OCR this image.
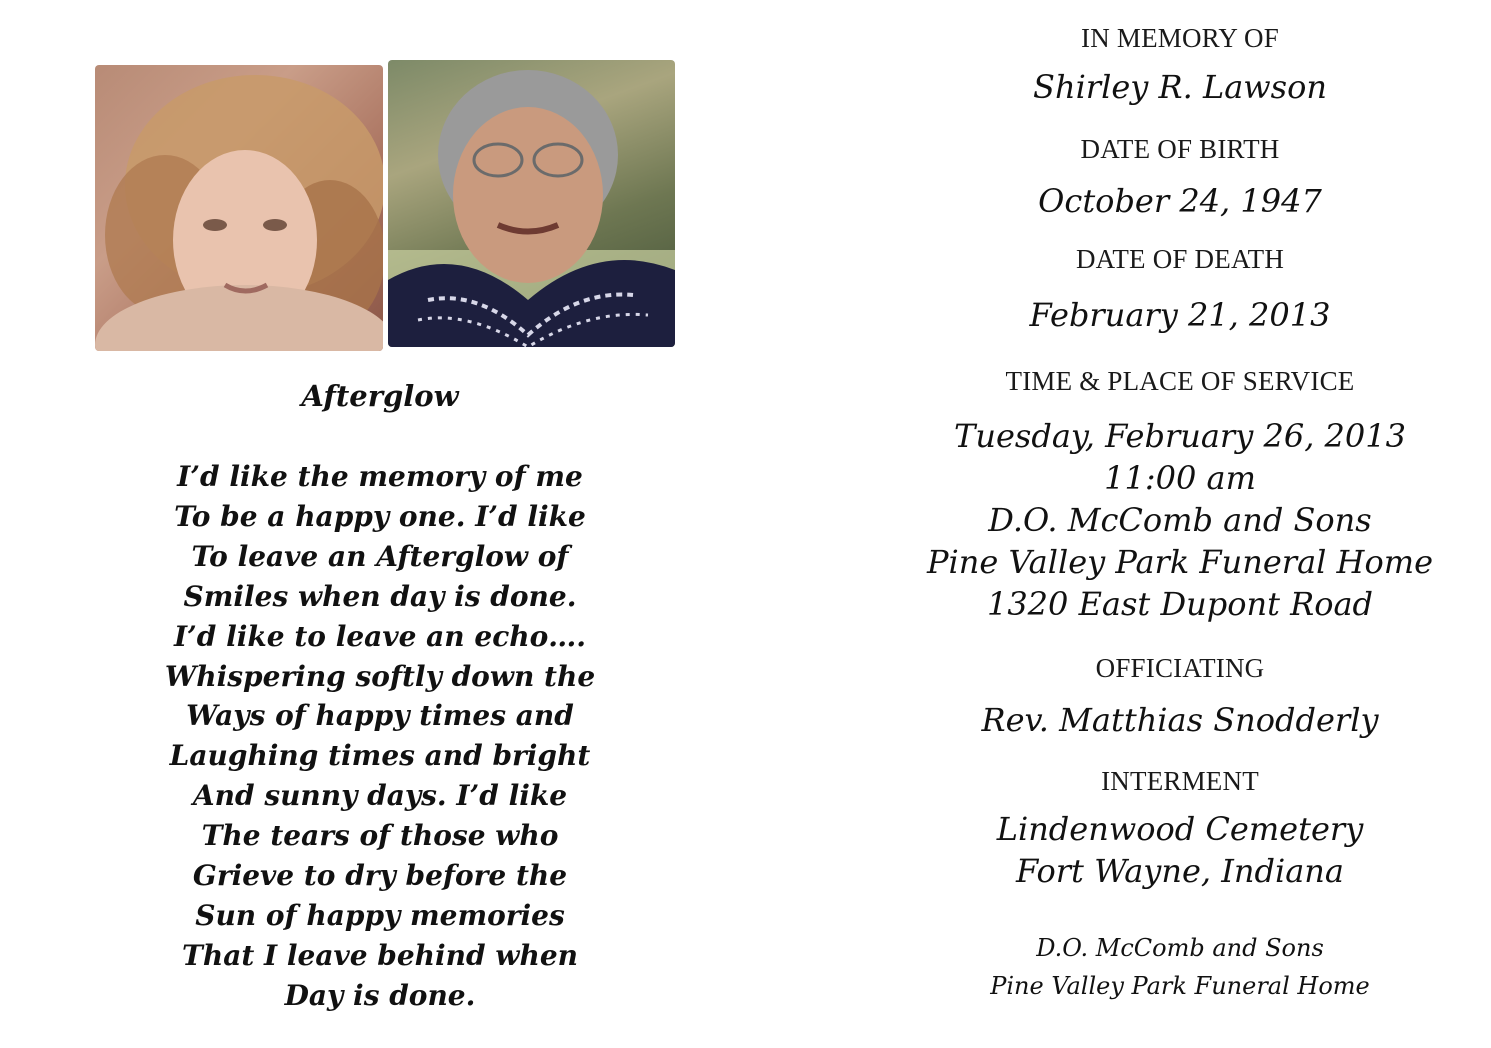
Afterglow
I’d like the memory of me
To be a happy one. I’d like
To leave an Afterglow of
Smiles when day is done.
I’d like to leave an echo….
Whispering softly down the
Ways of happy times and
Laughing times and bright
And sunny days. I’d like
The tears of those who
Grieve to dry before the
Sun of happy memories
That I leave behind when
Day is done.
IN MEMORY OF
Shirley R. Lawson
DATE OF BIRTH
October 24, 1947
DATE OF DEATH
February 21, 2013
TIME & PLACE OF SERVICE
Tuesday, February 26, 2013
11:00 am
D.O. McComb and Sons
Pine Valley Park Funeral Home
1320 East Dupont Road
OFFICIATING
Rev. Matthias Snodderly
INTERMENT
Lindenwood Cemetery
Fort Wayne, Indiana
D.O. McComb and Sons
Pine Valley Park Funeral Home
